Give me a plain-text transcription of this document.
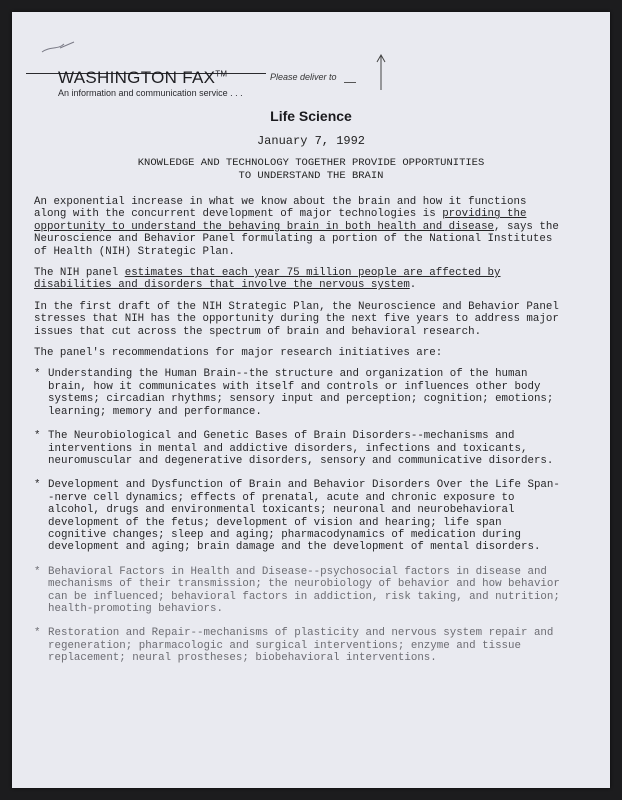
WASHINGTON FAX™	Please deliver to
An information and communication service . . .
Life Science
January 7, 1992
KNOWLEDGE AND TECHNOLOGY TOGETHER PROVIDE OPPORTUNITIES
TO UNDERSTAND THE BRAIN

An exponential increase in what we know about the brain and how it functions along with the concurrent development of major technologies is providing the opportunity to understand the behaving brain in both health and disease, says the Neuroscience and Behavior Panel formulating a portion of the National Institutes of Health (NIH) Strategic Plan.

The NIH panel estimates that each year 75 million people are affected by disabilities and disorders that involve the nervous system.

In the first draft of the NIH Strategic Plan, the Neuroscience and Behavior Panel stresses that NIH has the opportunity during the next five years to address major issues that cut across the spectrum of brain and behavioral research.

The panel's recommendations for major research initiatives are:

* Understanding the Human Brain--the structure and organization of the human brain, how it communicates with itself and controls or influences other body systems; circadian rhythms; sensory input and perception; cognition; emotions; learning; memory and performance.
* The Neurobiological and Genetic Bases of Brain Disorders--mechanisms and interventions in mental and addictive disorders, infections and toxicants, neuromuscular and degenerative disorders, sensory and communicative disorders.
* Development and Dysfunction of Brain and Behavior Disorders Over the Life Span--nerve cell dynamics; effects of prenatal, acute and chronic exposure to alcohol, drugs and environmental toxicants; neuronal and neurobehavioral development of the fetus; development of vision and hearing; life span cognitive changes; sleep and aging; pharmacodynamics of medication during development and aging; brain damage and the development of mental disorders.
* Behavioral Factors in Health and Disease--psychosocial factors in disease and mechanisms of their transmission; the neurobiology of behavior and how behavior can be influenced; behavioral factors in addiction, risk taking, and nutrition; health-promoting behaviors.
* Restoration and Repair--mechanisms of plasticity and nervous system repair and regeneration; pharmacologic and surgical interventions; enzyme and tissue replacement; neural prostheses; biobehavioral interventions.
